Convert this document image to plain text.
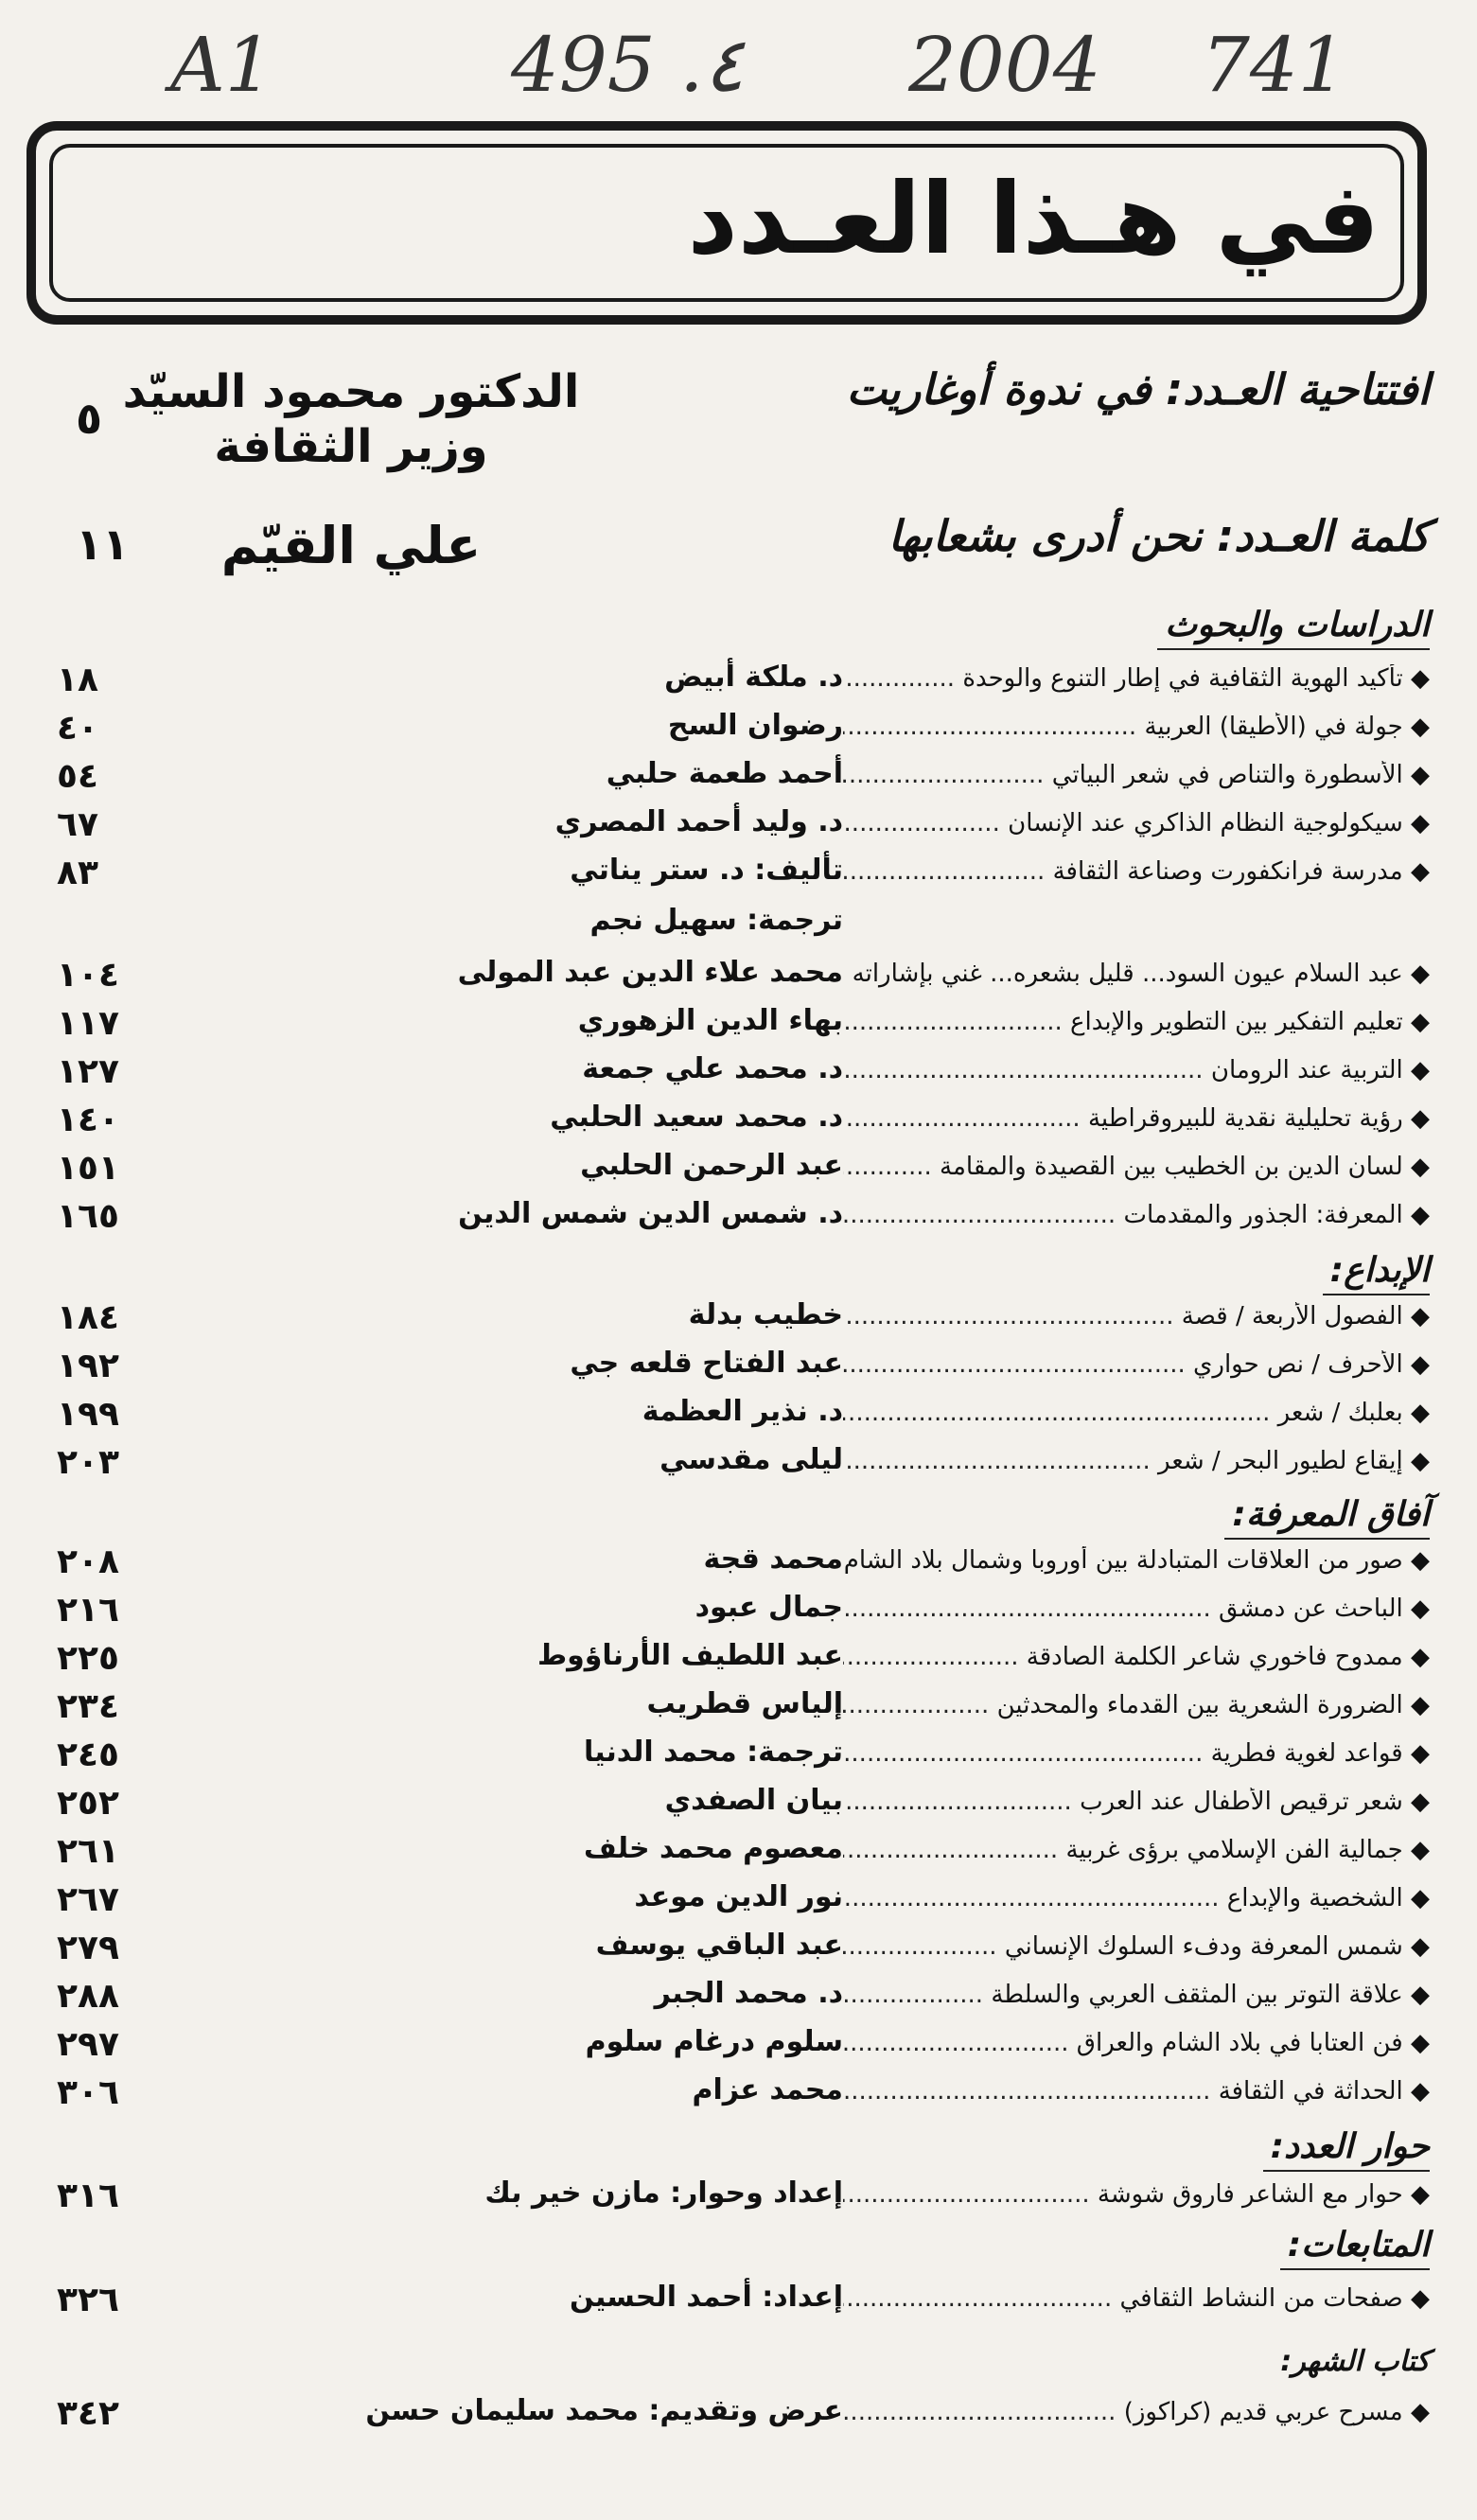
A1	495 .٤ 2004 741
في هـذا العـدد
افتتاحية العـدد: في ندوة أوغاريت
الدكتور محمود السيّد
وزير الثقافة
٥
كلمة العـدد: نحن أدرى بشعابها
علي القيّم
١١
الدراسات والبحوث
◆ تأكيد الهوية الثقافية في إطار التنوع والوحدة .....
د. ملكة أبيض
١٨
◆ جولة في (الأطيقا) العربية .....
رضوان السح
٤٠
◆ الأسطورة والتناص في شعر البياتي .....
أحمد طعمة حلبي
٥٤
◆ سيكولوجية النظام الذاكري عند الإنسان .....
د. وليد أحمد المصري
٦٧
◆ مدرسة فرانكفورت وصناعة الثقافة .....
تأليف: د. ستر يناتي
٨٣
ترجمة: سهيل نجم
◆ عبد السلام عيون السود... قليل بشعره... غني بإشاراته .....
محمد علاء الدين عبد المولى
١٠٤
◆ تعليم التفكير بين التطوير والإبداع .....
بهاء الدين الزهوري
١١٧
◆ التربية عند الرومان .....
د. محمد علي جمعة
١٢٧
◆ رؤية تحليلية نقدية للبيروقراطية .....
د. محمد سعيد الحلبي
١٤٠
◆ لسان الدين بن الخطيب بين القصيدة والمقامة .....
عبد الرحمن الحلبي
١٥١
◆ المعرفة: الجذور والمقدمات .....
د. شمس الدين شمس الدين
١٦٥
الإبداع:
◆ الفصول الأربعة / قصة .....
خطيب بدلة
١٨٤
◆ الأحرف / نص حواري .....
عبد الفتاح قلعه جي
١٩٢
◆ بعلبك / شعر .....
د. نذير العظمة
١٩٩
◆ إيقاع لطيور البحر / شعر .....
ليلى مقدسي
٢٠٣
آفاق المعرفة:
◆ صور من العلاقات المتبادلة بين أوروبا وشمال بلاد الشام .....
محمد قجة
٢٠٨
◆ الباحث عن دمشق .....
جمال عبود
٢١٦
◆ ممدوح فاخوري شاعر الكلمة الصادقة .....
عبد اللطيف الأرناؤوط
٢٢٥
◆ الضرورة الشعرية بين القدماء والمحدثين .....
إلياس قطريب
٢٣٤
◆ قواعد لغوية فطرية .....
ترجمة: محمد الدنيا
٢٤٥
◆ شعر ترقيص الأطفال عند العرب .....
بيان الصفدي
٢٥٢
◆ جمالية الفن الإسلامي برؤى غربية .....
معصوم محمد خلف
٢٦١
◆ الشخصية والإبداع .....
نور الدين موعد
٢٦٧
◆ شمس المعرفة ودفء السلوك الإنساني .....
عبد الباقي يوسف
٢٧٩
◆ علاقة التوتر بين المثقف العربي والسلطة .....
د. محمد الجبر
٢٨٨
◆ فن العتابا في بلاد الشام والعراق .....
سلوم درغام سلوم
٢٩٧
◆ الحداثة في الثقافة .....
محمد عزام
٣٠٦
حوار العدد:
◆ حوار مع الشاعر فاروق شوشة .....
إعداد وحوار: مازن خير بك
٣١٦
المتابعات:
◆ صفحات من النشاط الثقافي .....
إعداد: أحمد الحسين
٣٢٦
كتاب الشهر:
◆ مسرح عربي قديم (كراكوز) .....
عرض وتقديم: محمد سليمان حسن
٣٤٢
